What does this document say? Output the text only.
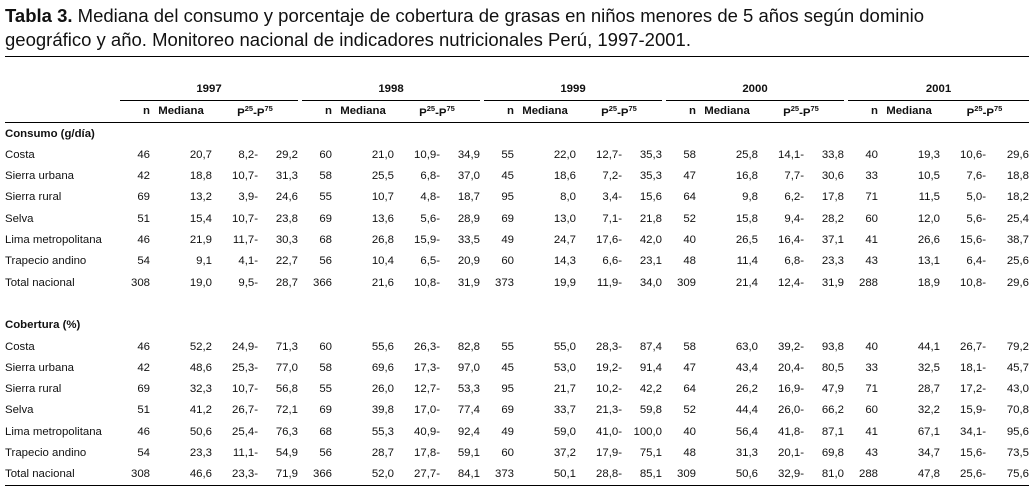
Tabla 3. Mediana del consumo y porcentaje de cobertura de grasas en niños menores de 5 años según dominio geográfico y año. Monitoreo nacional de indicadores nutricionales Perú, 1997-2001.

	1997					1998					1999					2000					2001			
	n	Mediana	$P^{25}-P^{75}$			n	Mediana	$P^{25}-P^{75}$			n	Mediana	$P^{25}-P^{75}$			n	Mediana	$P^{25}-P^{75}$			n	Mediana	$P^{25}-P^{75}$
Consumo (g/día)																								
Costa	46	20,7	8,2-	29,2		60	21,0	10,9-	34,9		55	22,0	12,7-	35,3		58	25,8	14,1-	33,8		40	19,3	10,6-	29,6
Sierra urbana	42	18,8	10,7-	31,3		58	25,5	6,8-	37,0		45	18,6	7,2-	35,3		47	16,8	7,7-	30,6		33	10,5	7,6-	18,8
Sierra rural	69	13,2	3,9-	24,6		55	10,7	4,8-	18,7		95	8,0	3,4-	15,6		64	9,8	6,2-	17,8		71	11,5	5,0-	18,2
Selva	51	15,4	10,7-	23,8		69	13,6	5,6-	28,9		69	13,0	7,1-	21,8		52	15,8	9,4-	28,2		60	12,0	5,6-	25,4
Lima metropolitana	46	21,9	11,7-	30,3		68	26,8	15,9-	33,5		49	24,7	17,6-	42,0		40	26,5	16,4-	37,1		41	26,6	15,6-	38,7
Trapecio andino	54	9,1	4,1-	22,7		56	10,4	6,5-	20,9		60	14,3	6,6-	23,1		48	11,4	6,8-	23,3		43	13,1	6,4-	25,6
Total nacional	308	19,0	9,5-	28,7		366	21,6	10,8-	31,9		373	19,9	11,9-	34,0		309	21,4	12,4-	31,9		288	18,9	10,8-	29,6

Cobertura (%)																								
Costa	46	52,2	24,9-	71,3		60	55,6	26,3-	82,8		55	55,0	28,3-	87,4		58	63,0	39,2-	93,8		40	44,1	26,7-	79,2
Sierra urbana	42	48,6	25,3-	77,0		58	69,6	17,3-	97,0		45	53,0	19,2-	91,4		47	43,4	20,4-	80,5		33	32,5	18,1-	45,7
Sierra rural	69	32,3	10,7-	56,8		55	26,0	12,7-	53,3		95	21,7	10,2-	42,2		64	26,2	16,9-	47,9		71	28,7	17,2-	43,0
Selva	51	41,2	26,7-	72,1		69	39,8	17,0-	77,4		69	33,7	21,3-	59,8		52	44,4	26,0-	66,2		60	32,2	15,9-	70,8
Lima metropolitana	46	50,6	25,4-	76,3		68	55,3	40,9-	92,4		49	59,0	41,0-	100,0		40	56,4	41,8-	87,1		41	67,1	34,1-	95,6
Trapecio andino	54	23,3	11,1-	54,9		56	28,7	17,8-	59,1		60	37,2	17,9-	75,1		48	31,3	20,1-	69,8		43	34,7	15,6-	73,5
Total nacional	308	46,6	23,3-	71,9		366	52,0	27,7-	84,1		373	50,1	28,8-	85,1		309	50,6	32,9-	81,0		288	47,8	25,6-	75,6
